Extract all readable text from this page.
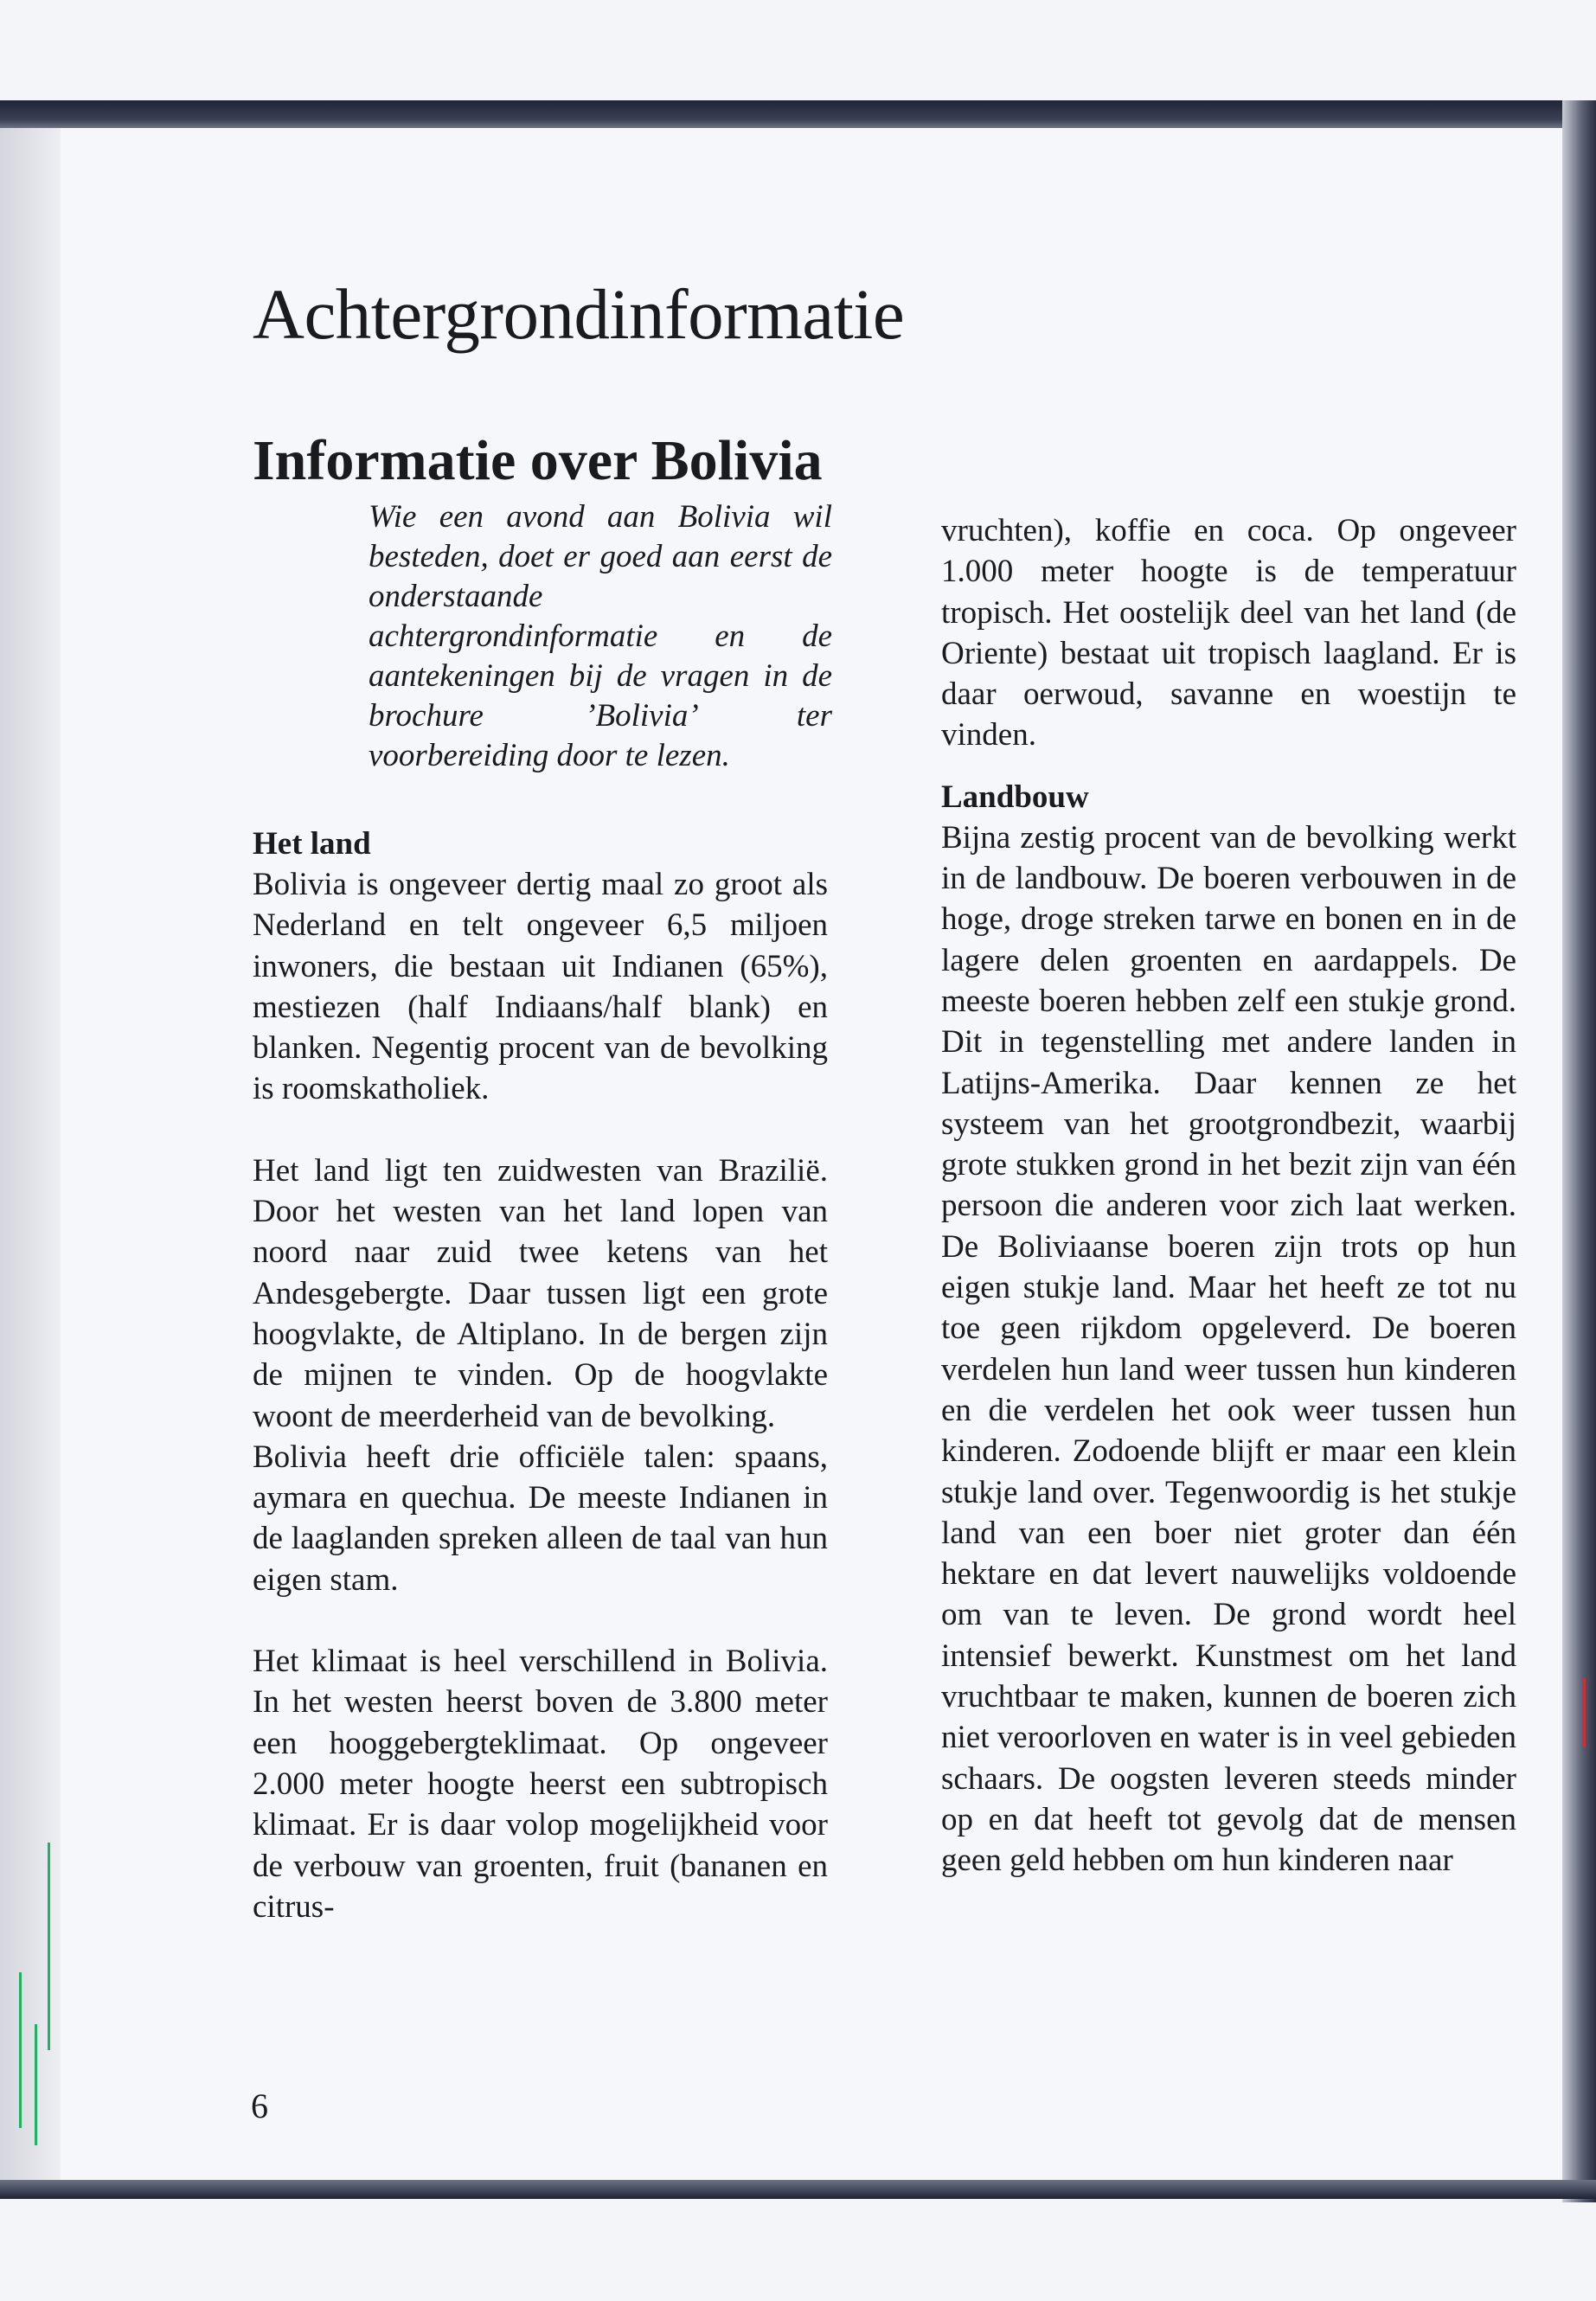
Achtergrondinformatie
Informatie over Bolivia

Wie een avond aan Bolivia wil besteden, doet er goed aan eerst de onderstaande achtergrondinformatie en de aantekeningen bij de vragen in de brochure ’Bolivia’ ter voorbereiding door te lezen.

Het land

Bolivia is ongeveer dertig maal zo groot als Nederland en telt ongeveer 6,5 miljoen inwoners, die bestaan uit Indianen (65%), mestiezen (half Indiaans/half blank) en blanken. Negentig procent van de bevolking is roomskatholiek.

Het land ligt ten zuidwesten van Brazilië. Door het westen van het land lopen van noord naar zuid twee ketens van het Andesgebergte. Daar tussen ligt een grote hoogvlakte, de Altiplano. In de bergen zijn de mijnen te vinden. Op de hoogvlakte woont de meerderheid van de bevolking.

Bolivia heeft drie officiële talen: spaans, aymara en quechua. De meeste Indianen in de laaglanden spreken alleen de taal van hun eigen stam.

Het klimaat is heel verschillend in Bolivia. In het westen heerst boven de 3.800 meter een hooggebergteklimaat. Op ongeveer 2.000 meter hoogte heerst een subtropisch klimaat. Er is daar volop mogelijkheid voor de verbouw van groenten, fruit (bananen en citrus-

vruchten), koffie en coca. Op ongeveer 1.000 meter hoogte is de temperatuur tropisch. Het oostelijk deel van het land (de Oriente) bestaat uit tropisch laagland. Er is daar oerwoud, savanne en woestijn te vinden.

Landbouw

Bijna zestig procent van de bevolking werkt in de landbouw. De boeren verbouwen in de hoge, droge streken tarwe en bonen en in de lagere delen groenten en aardappels. De meeste boeren hebben zelf een stukje grond. Dit in tegenstelling met andere landen in Latijns-Amerika. Daar kennen ze het systeem van het grootgrondbezit, waarbij grote stukken grond in het bezit zijn van één persoon die anderen voor zich laat werken. De Boliviaanse boeren zijn trots op hun eigen stukje land. Maar het heeft ze tot nu toe geen rijkdom opgeleverd. De boeren verdelen hun land weer tussen hun kinderen en die verdelen het ook weer tussen hun kinderen. Zodoende blijft er maar een klein stukje land over. Tegenwoordig is het stukje land van een boer niet groter dan één hektare en dat levert nauwelijks voldoende om van te leven. De grond wordt heel intensief bewerkt. Kunstmest om het land vruchtbaar te maken, kunnen de boeren zich niet veroorloven en water is in veel gebieden schaars. De oogsten leveren steeds minder op en dat heeft tot gevolg dat de mensen geen geld hebben om hun kinderen naar

6
